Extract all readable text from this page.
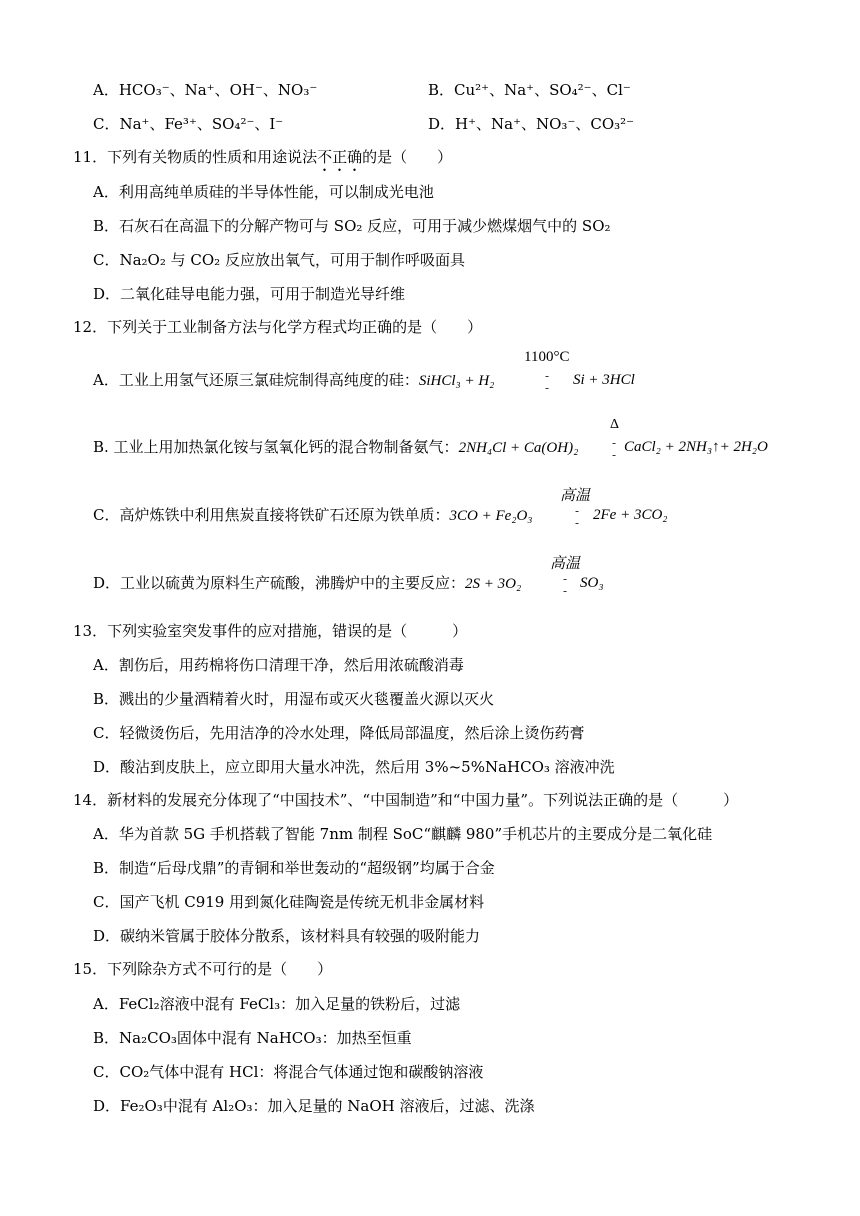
A．HCO₃⁻、Na⁺、OH⁻、NO₃⁻	B．Cu²⁺、Na⁺、SO₄²⁻、Cl⁻
C．Na⁺、Fe³⁺、SO₄²⁻、I⁻	D．H⁺、Na⁺、NO₃⁻、CO₃²⁻
11．下列有关物质的性质和用途说法不正确的是（　　）
A．利用高纯单质硅的半导体性能，可以制成光电池
B．石灰石在高温下的分解产物可与 SO₂ 反应，可用于减少燃煤烟气中的 SO₂
C．Na₂O₂ 与 CO₂ 反应放出氧气，可用于制作呼吸面具
D．二氧化硅导电能力强，可用于制造光导纤维
12．下列关于工业制备方法与化学方程式均正确的是（　　）
1100°C
A．工业上用氢气还原三氯硅烷制得高纯度的硅：SiHCl₃ + H₂	-
- Si + 3HCl
Δ
B. 工业上用加热氯化铵与氢氧化钙的混合物制备氨气：2NH₄Cl + Ca(OH)₂	-
- CaCl₂ + 2NH₃↑+ 2H₂O
高温
C．高炉炼铁中利用焦炭直接将铁矿石还原为铁单质：3CO + Fe₂O₃	-
- 2Fe + 3CO₂
高温
D．工业以硫黄为原料生产硫酸，沸腾炉中的主要反应：2S + 3O₂	-
- SO₃
13．下列实验室突发事件的应对措施，错误的是（　　　）
A．割伤后，用药棉将伤口清理干净，然后用浓硫酸消毒
B．溅出的少量酒精着火时，用湿布或灭火毯覆盖火源以灭火
C．轻微烫伤后，先用洁净的冷水处理，降低局部温度，然后涂上烫伤药膏
D．酸沾到皮肤上，应立即用大量水冲洗，然后用 3%~5%NaHCO₃ 溶液冲洗
14．新材料的发展充分体现了“中国技术”、“中国制造”和“中国力量”。下列说法正确的是（　　　）
A．华为首款 5G 手机搭载了智能 7nm 制程 SoC“麒麟 980”手机芯片的主要成分是二氧化硅
B．制造“后母戊鼎”的青铜和举世轰动的“超级钢”均属于合金
C．国产飞机 C919 用到氮化硅陶瓷是传统无机非金属材料
D．碳纳米管属于胶体分散系，该材料具有较强的吸附能力
15．下列除杂方式不可行的是（　　）
A．FeCl₂溶液中混有 FeCl₃：加入足量的铁粉后，过滤
B．Na₂CO₃固体中混有 NaHCO₃：加热至恒重
C．CO₂气体中混有 HCl：将混合气体通过饱和碳酸钠溶液
D．Fe₂O₃中混有 Al₂O₃：加入足量的 NaOH 溶液后，过滤、洗涤
